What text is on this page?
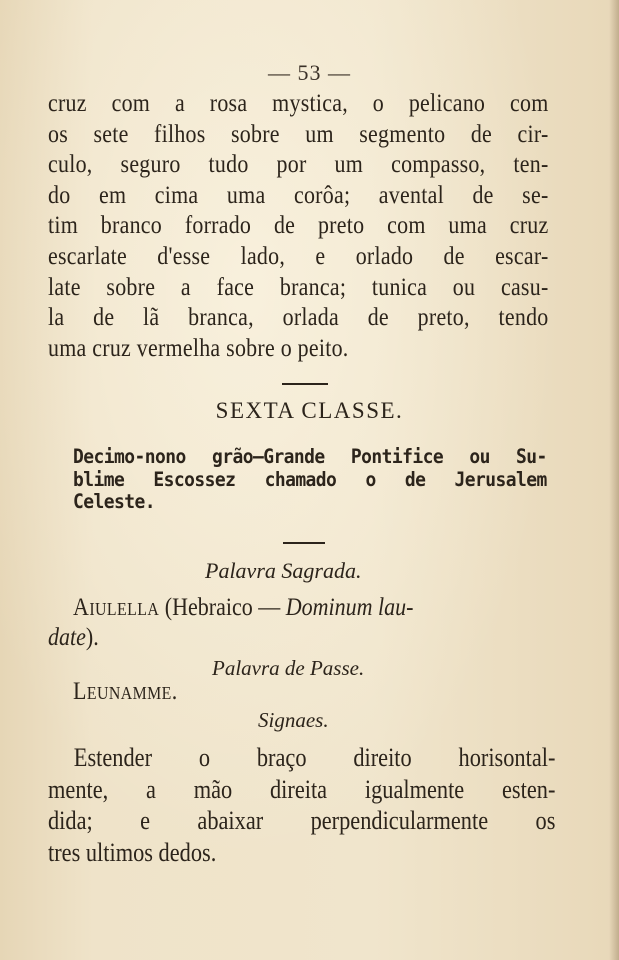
— 53 —
cruz com a rosa mystica, o pelicano com
os sete filhos sobre um segmento de cir-
culo, seguro tudo por um compasso, ten-
do em cima uma corôa; avental de se-
tim branco forrado de preto com uma cruz
escarlate d'esse lado, e orlado de escar-
late sobre a face branca; tunica ou casu-
la de lã branca, orlada de preto, tendo
uma cruz vermelha sobre o peito.
SEXTA CLASSE.
Decimo-nono grão—Grande Pontifice ou Su-
blime Escossez chamado o de Jerusalem
Celeste.
Palavra Sagrada.
Aiulella (Hebraico — Dominum lau-
date).
Palavra de Passe.
Leunamme.
Signaes.
Estender o braço direito horisontal-
mente, a mão direita igualmente esten-
dida; e abaixar perpendicularmente os
tres ultimos dedos.
